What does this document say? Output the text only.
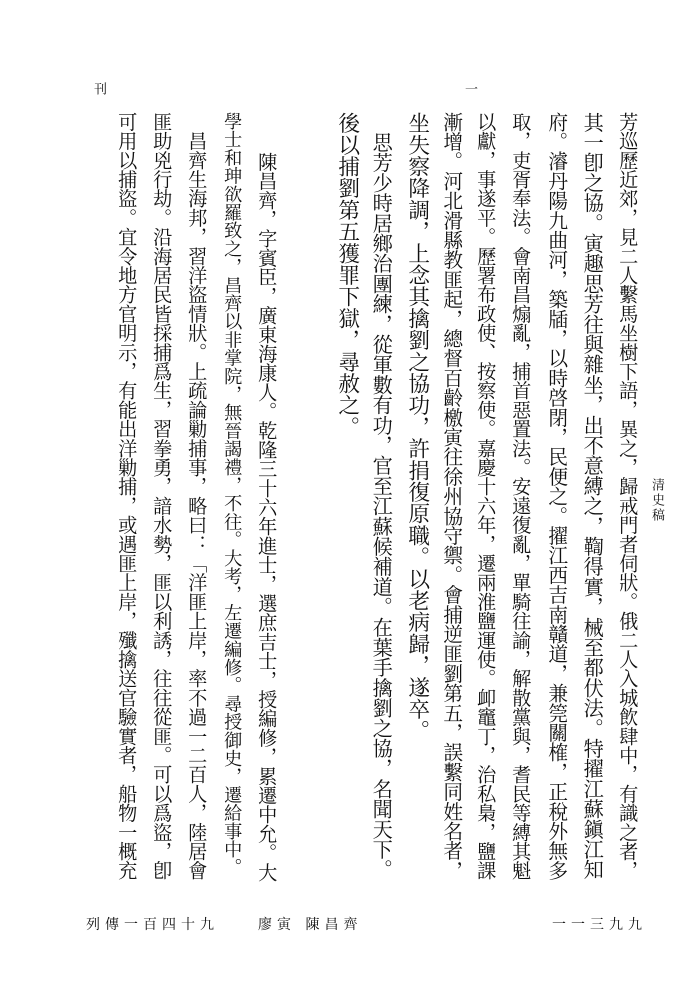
刊	一
清史稿
芳巡歷近郊，見二人繫馬坐樹下語，異之，歸戒門者伺狀。俄二人入城飲肆中，有識之者，
其一卽之協。寅趣思芳往與雜坐，出不意縛之，鞫得實，械至都伏法。特擢江蘇鎭江知
府。濬丹陽九曲河，築牐，以時啓閉，民便之。擢江西吉南贛道，兼筦關榷，正稅外無多
取，吏胥奉法。會南昌煽亂，捕首惡置法。安遠復亂，單騎往諭，解散黨與，耆民等縛其魁
以獻，事遂平。歷署布政使、按察使。嘉慶十六年，遷兩淮鹽運使。卹竈丁，治私梟，鹽課
漸增。河北滑縣教匪起，總督百齡檄寅往徐州協守禦。會捕逆匪劉第五，誤繫同姓名者，
坐失察降調，上念其擒劉之協功，許捐復原職。以老病歸，遂卒。
　思芳少時居鄉治團練，從軍數有功，官至江蘇候補道。在葉手擒劉之協，名聞天下。
後以捕劉第五獲罪下獄，尋赦之。
陳昌齊，字賓臣，廣東海康人。乾隆三十六年進士，選庶吉士，授編修，累遷中允。大
學士和珅欲羅致之，昌齊以非掌院，無晉謁禮，不往。大考，左遷編修。尋授御史，遷給事中。
　昌齊生海邦，習洋盜情狀。上疏論勦捕事，略曰：「洋匪上岸，率不過一二百人，陸居會
匪助兇行劫。沿海居民皆採捕爲生，習拳勇，諳水勢，匪以利誘，往往從匪。可以爲盜，卽
可用以捕盜。宜令地方官明示，有能出洋勦捕，或遇匪上岸，殲擒送官驗實者，船物一概充
列傳一百四十九	廖寅 陳昌齊	一一三九九
